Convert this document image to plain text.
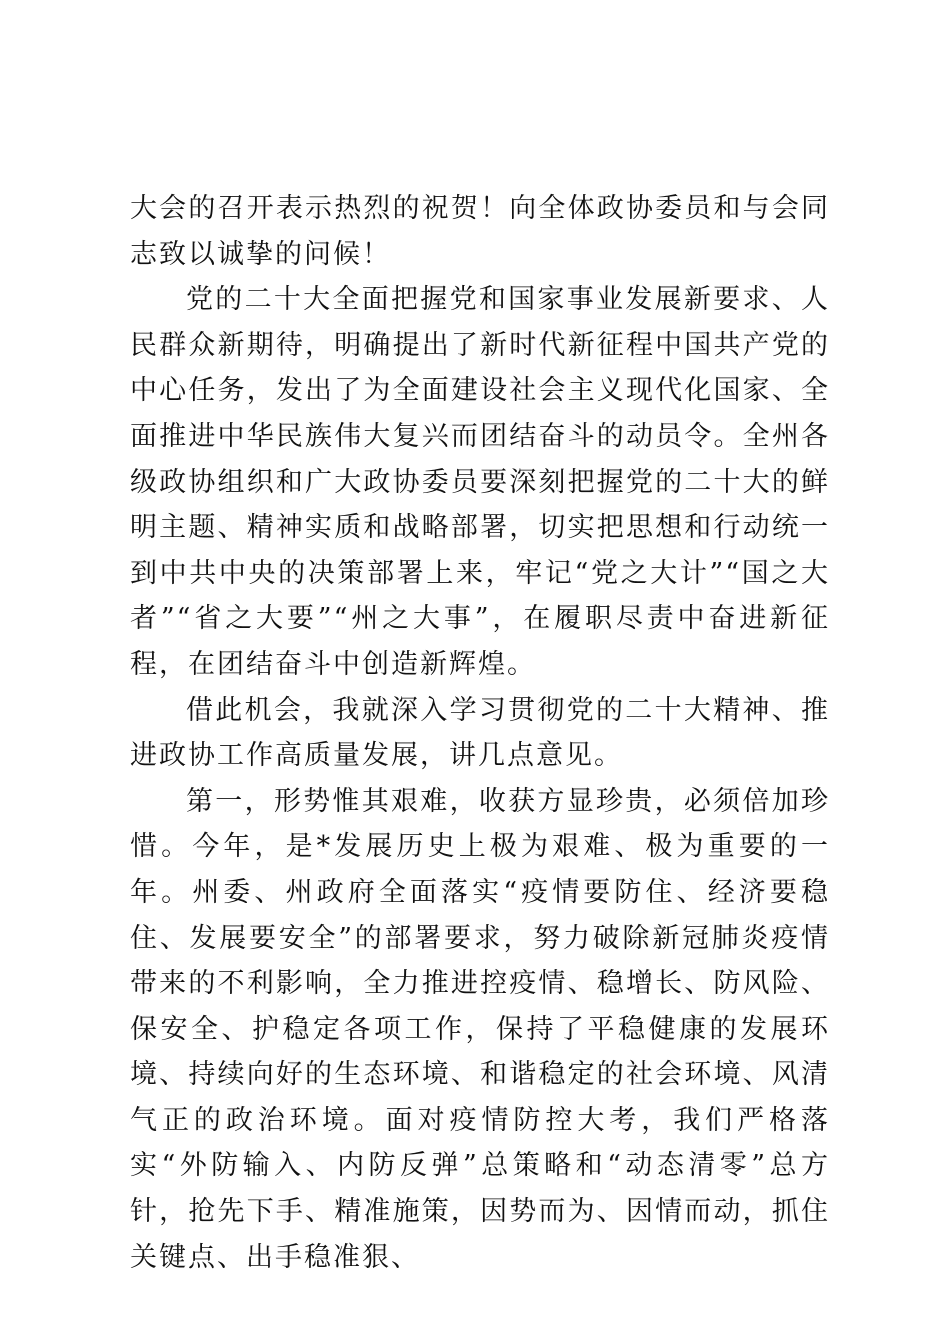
大会的召开表示热烈的祝贺！向全体政协委员和与会同志致以诚挚的问候！

党的二十大全面把握党和国家事业发展新要求、人民群众新期待，明确提出了新时代新征程中国共产党的中心任务，发出了为全面建设社会主义现代化国家、全面推进中华民族伟大复兴而团结奋斗的动员令。全州各级政协组织和广大政协委员要深刻把握党的二十大的鲜明主题、精神实质和战略部署，切实把思想和行动统一到中共中央的决策部署上来，牢记“党之大计”“国之大者”“省之大要”“州之大事”，在履职尽责中奋进新征程，在团结奋斗中创造新辉煌。

借此机会，我就深入学习贯彻党的二十大精神、推进政协工作高质量发展，讲几点意见。

第一，形势惟其艰难，收获方显珍贵，必须倍加珍惜。今年，是*发展历史上极为艰难、极为重要的一年。州委、州政府全面落实“疫情要防住、经济要稳住、发展要安全”的部署要求，努力破除新冠肺炎疫情带来的不利影响，全力推进控疫情、稳增长、防风险、保安全、护稳定各项工作，保持了平稳健康的发展环境、持续向好的生态环境、和谐稳定的社会环境、风清气正的政治环境。面对疫情防控大考，我们严格落实“外防输入、内防反弹”总策略和“动态清零”总方针，抢先下手、精准施策，因势而为、因情而动，抓住关键点、出手稳准狠、
